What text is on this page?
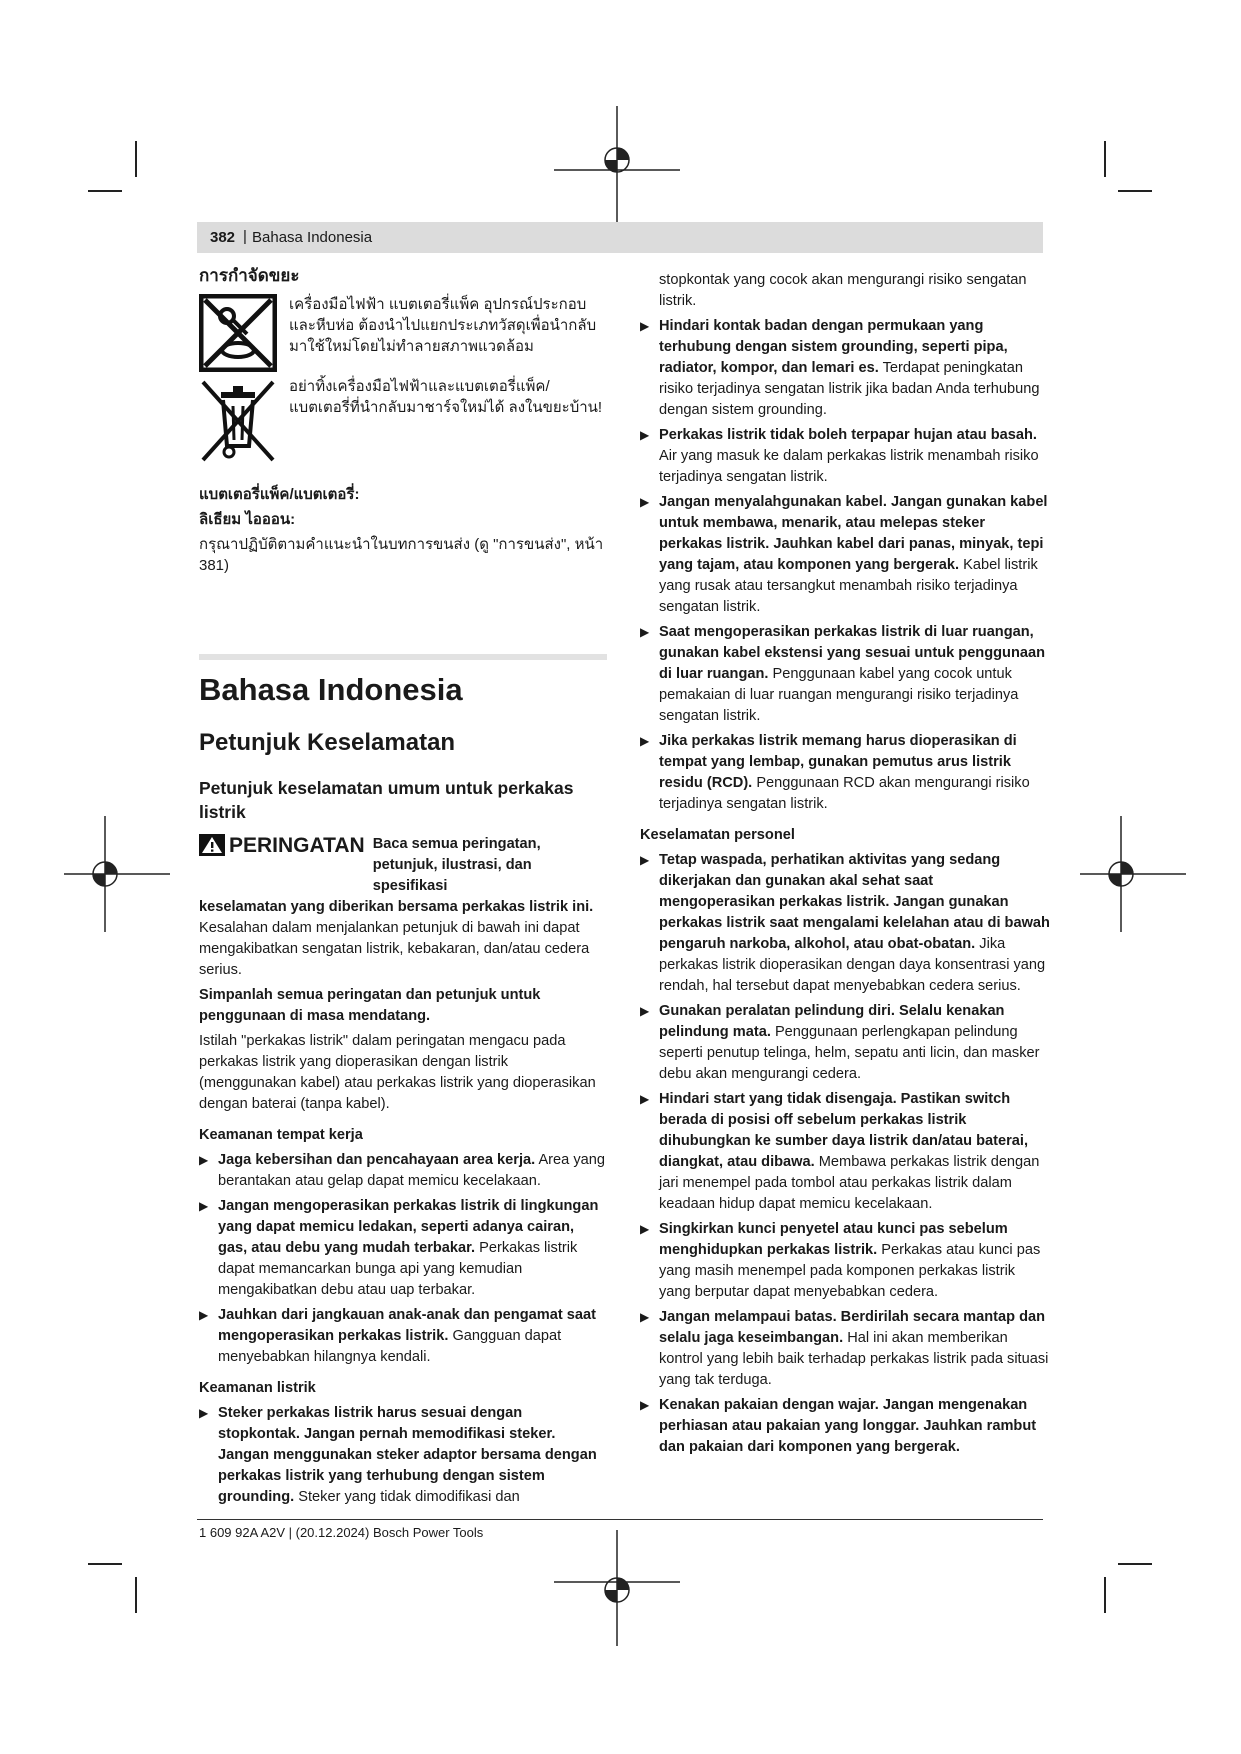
382 | Bahasa Indonesia

การกำจัดขยะ

เครื่องมือไฟฟ้า แบตเตอรี่แพ็ค อุปกรณ์ประกอบ และหีบห่อ ต้องนำไปแยกประเภทวัสดุเพื่อนำกลับมาใช้ใหม่โดยไม่ทำลายสภาพแวดล้อม

อย่าทิ้งเครื่องมือไฟฟ้าและแบตเตอรี่แพ็ค/แบตเตอรี่ที่นำกลับมาชาร์จใหม่ได้ ลงในขยะบ้าน!

แบตเตอรี่แพ็ค/แบตเตอรี่:

ลิเธียม ไอออน:

กรุณาปฏิบัติตามคำแนะนำในบทการขนส่ง (ดู "การขนส่ง", หน้า 381)

Bahasa Indonesia

Petunjuk Keselamatan

Petunjuk keselamatan umum untuk perkakas listrik

PERINGATAN Baca semua peringatan, petunjuk, ilustrasi, dan spesifikasi

keselamatan yang diberikan bersama perkakas listrik ini. Kesalahan dalam menjalankan petunjuk di bawah ini dapat mengakibatkan sengatan listrik, kebakaran, dan/atau cedera serius.

Simpanlah semua peringatan dan petunjuk untuk penggunaan di masa mendatang.

Istilah "perkakas listrik" dalam peringatan mengacu pada perkakas listrik yang dioperasikan dengan listrik (menggunakan kabel) atau perkakas listrik yang dioperasikan dengan baterai (tanpa kabel).

Keamanan tempat kerja

▶ Jaga kebersihan dan pencahayaan area kerja. Area yang berantakan atau gelap dapat memicu kecelakaan.
▶ Jangan mengoperasikan perkakas listrik di lingkungan yang dapat memicu ledakan, seperti adanya cairan, gas, atau debu yang mudah terbakar. Perkakas listrik dapat memancarkan bunga api yang kemudian mengakibatkan debu atau uap terbakar.
▶ Jauhkan dari jangkauan anak-anak dan pengamat saat mengoperasikan perkakas listrik. Gangguan dapat menyebabkan hilangnya kendali.

Keamanan listrik

▶ Steker perkakas listrik harus sesuai dengan stopkontak. Jangan pernah memodifikasi steker. Jangan menggunakan steker adaptor bersama dengan perkakas listrik yang terhubung dengan sistem grounding. Steker yang tidak dimodifikasi dan

stopkontak yang cocok akan mengurangi risiko sengatan listrik.

▶ Hindari kontak badan dengan permukaan yang terhubung dengan sistem grounding, seperti pipa, radiator, kompor, dan lemari es. Terdapat peningkatan risiko terjadinya sengatan listrik jika badan Anda terhubung dengan sistem grounding.
▶ Perkakas listrik tidak boleh terpapar hujan atau basah. Air yang masuk ke dalam perkakas listrik menambah risiko terjadinya sengatan listrik.
▶ Jangan menyalahgunakan kabel. Jangan gunakan kabel untuk membawa, menarik, atau melepas steker perkakas listrik. Jauhkan kabel dari panas, minyak, tepi yang tajam, atau komponen yang bergerak. Kabel listrik yang rusak atau tersangkut menambah risiko terjadinya sengatan listrik.
▶ Saat mengoperasikan perkakas listrik di luar ruangan, gunakan kabel ekstensi yang sesuai untuk penggunaan di luar ruangan. Penggunaan kabel yang cocok untuk pemakaian di luar ruangan mengurangi risiko terjadinya sengatan listrik.
▶ Jika perkakas listrik memang harus dioperasikan di tempat yang lembap, gunakan pemutus arus listrik residu (RCD). Penggunaan RCD akan mengurangi risiko terjadinya sengatan listrik.

Keselamatan personel

▶ Tetap waspada, perhatikan aktivitas yang sedang dikerjakan dan gunakan akal sehat saat mengoperasikan perkakas listrik. Jangan gunakan perkakas listrik saat mengalami kelelahan atau di bawah pengaruh narkoba, alkohol, atau obat-obatan. Jika perkakas listrik dioperasikan dengan daya konsentrasi yang rendah, hal tersebut dapat menyebabkan cedera serius.
▶ Gunakan peralatan pelindung diri. Selalu kenakan pelindung mata. Penggunaan perlengkapan pelindung seperti penutup telinga, helm, sepatu anti licin, dan masker debu akan mengurangi cedera.
▶ Hindari start yang tidak disengaja. Pastikan switch berada di posisi off sebelum perkakas listrik dihubungkan ke sumber daya listrik dan/atau baterai, diangkat, atau dibawa. Membawa perkakas listrik dengan jari menempel pada tombol atau perkakas listrik dalam keadaan hidup dapat memicu kecelakaan.
▶ Singkirkan kunci penyetel atau kunci pas sebelum menghidupkan perkakas listrik. Perkakas atau kunci pas yang masih menempel pada komponen perkakas listrik yang berputar dapat menyebabkan cedera.
▶ Jangan melampaui batas. Berdirilah secara mantap dan selalu jaga keseimbangan. Hal ini akan memberikan kontrol yang lebih baik terhadap perkakas listrik pada situasi yang tak terduga.
▶ Kenakan pakaian dengan wajar. Jangan mengenakan perhiasan atau pakaian yang longgar. Jauhkan rambut dan pakaian dari komponen yang bergerak.
1 609 92A A2V | (20.12.2024) Bosch Power Tools
